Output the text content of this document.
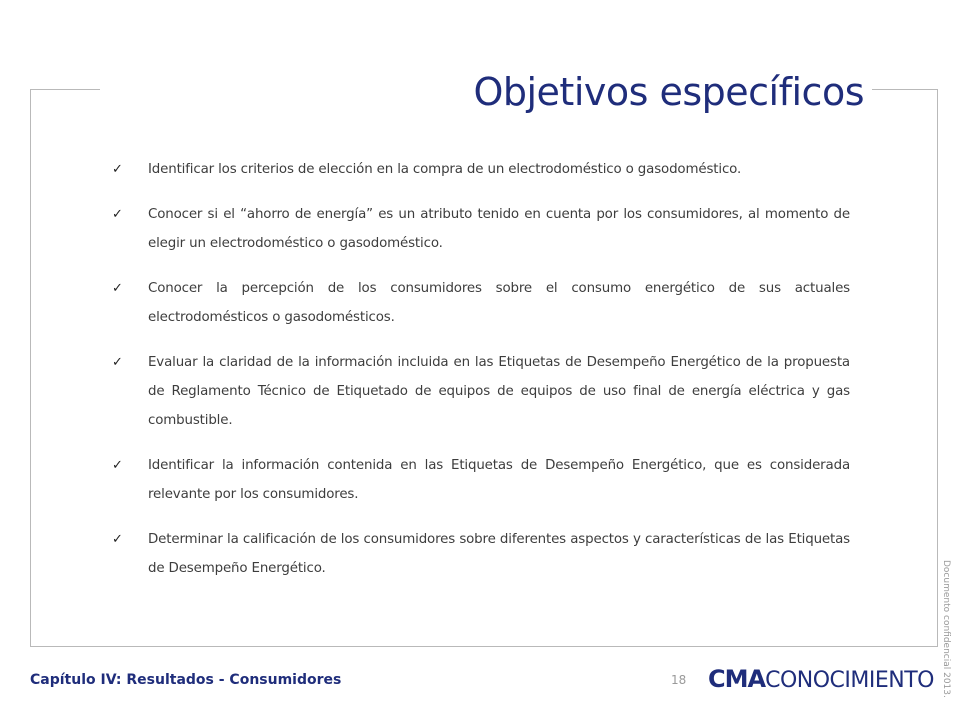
Objetivos específicos
✓ Identificar los criterios de elección en la compra de un electrodoméstico o gasodoméstico.
✓ Conocer si el “ahorro de energía” es un atributo tenido en cuenta por los consumidores, al momento de elegir un electrodoméstico o gasodoméstico.
✓ Conocer la percepción de los consumidores sobre el consumo energético de sus actuales electrodomésticos o gasodomésticos.
✓ Evaluar la claridad de la información incluida en las Etiquetas de Desempeño Energético de la propuesta de Reglamento Técnico de Etiquetado de equipos de equipos de uso final de energía eléctrica y gas combustible.
✓ Identificar la información contenida en las Etiquetas de Desempeño Energético, que es considerada relevante por los consumidores.
✓ Determinar la calificación de los consumidores sobre diferentes aspectos y características de las Etiquetas de Desempeño Energético.	Documento confidencial 2013.
Capítulo IV: Resultados - Consumidores	18 CMACONOCIMIENTO
